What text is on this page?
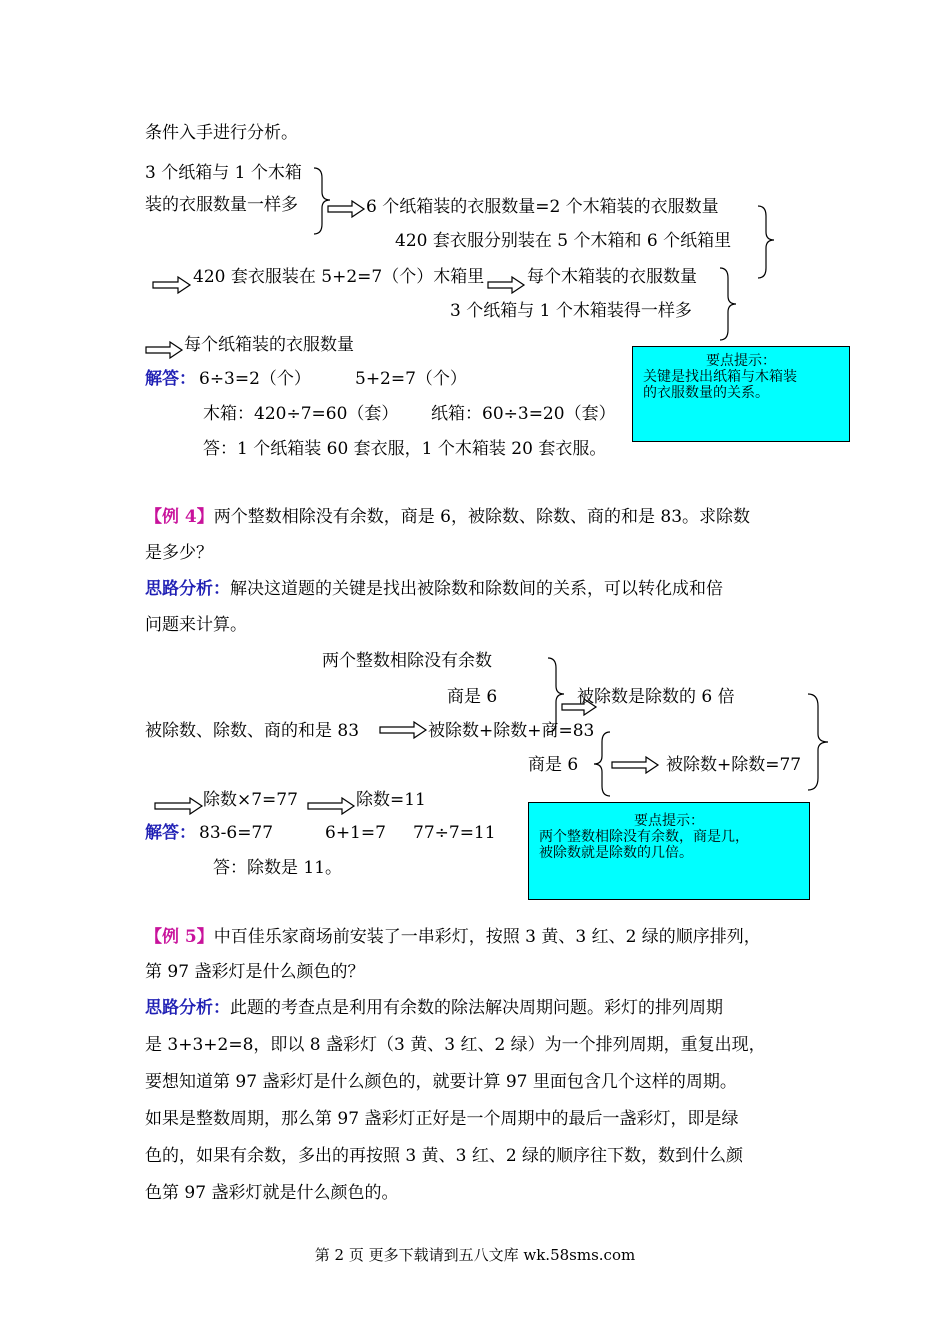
条件入手进行分析。
3 个纸箱与 1 个木箱
装的衣服数量一样多	6 个纸箱装的衣服数量=2 个木箱装的衣服数量
420 套衣服分别装在 5 个木箱和 6 个纸箱里
420 套衣服装在 5+2=7（个）木箱里	每个木箱装的衣服数量
3 个纸箱与 1 个木箱装得一样多
每个纸箱装的衣服数量
要点提示：
关键是找出纸箱与木箱装
的衣服数量的关系。
解答： 6÷3=2（个）	5+2=7（个）
木箱：420÷7=60（套） 纸箱：60÷3=20（套）
答：1 个纸箱装 60 套衣服，1 个木箱装 20 套衣服。
【例 4】两个整数相除没有余数，商是 6，被除数、除数、商的和是 83。求除数
是多少？
思路分析：解决这道题的关键是找出被除数和除数间的关系，可以转化成和倍
问题来计算。
两个整数相除没有余数
商是 6	被除数是除数的 6 倍
被除数、除数、商的和是 83	被除数+除数+商=83
商是 6	被除数+除数=77
除数×7=77	除数=11
要点提示：
两个整数相除没有余数，商是几，
被除数就是除数的几倍。
解答： 83-6=77	6+1=7 77÷7=11
答：除数是 11。
【例 5】中百佳乐家商场前安装了一串彩灯，按照 3 黄、3 红、2 绿的顺序排列，
第 97 盏彩灯是什么颜色的？
思路分析：此题的考查点是利用有余数的除法解决周期问题。彩灯的排列周期
是 3+3+2=8，即以 8 盏彩灯（3 黄、3 红、2 绿）为一个排列周期，重复出现，
要想知道第 97 盏彩灯是什么颜色的，就要计算 97 里面包含几个这样的周期。
如果是整数周期，那么第 97 盏彩灯正好是一个周期中的最后一盏彩灯，即是绿
色的，如果有余数，多出的再按照 3 黄、3 红、2 绿的顺序往下数，数到什么颜
色第 97 盏彩灯就是什么颜色的。
第 2 页 更多下载请到五八文库 wk.58sms.com
